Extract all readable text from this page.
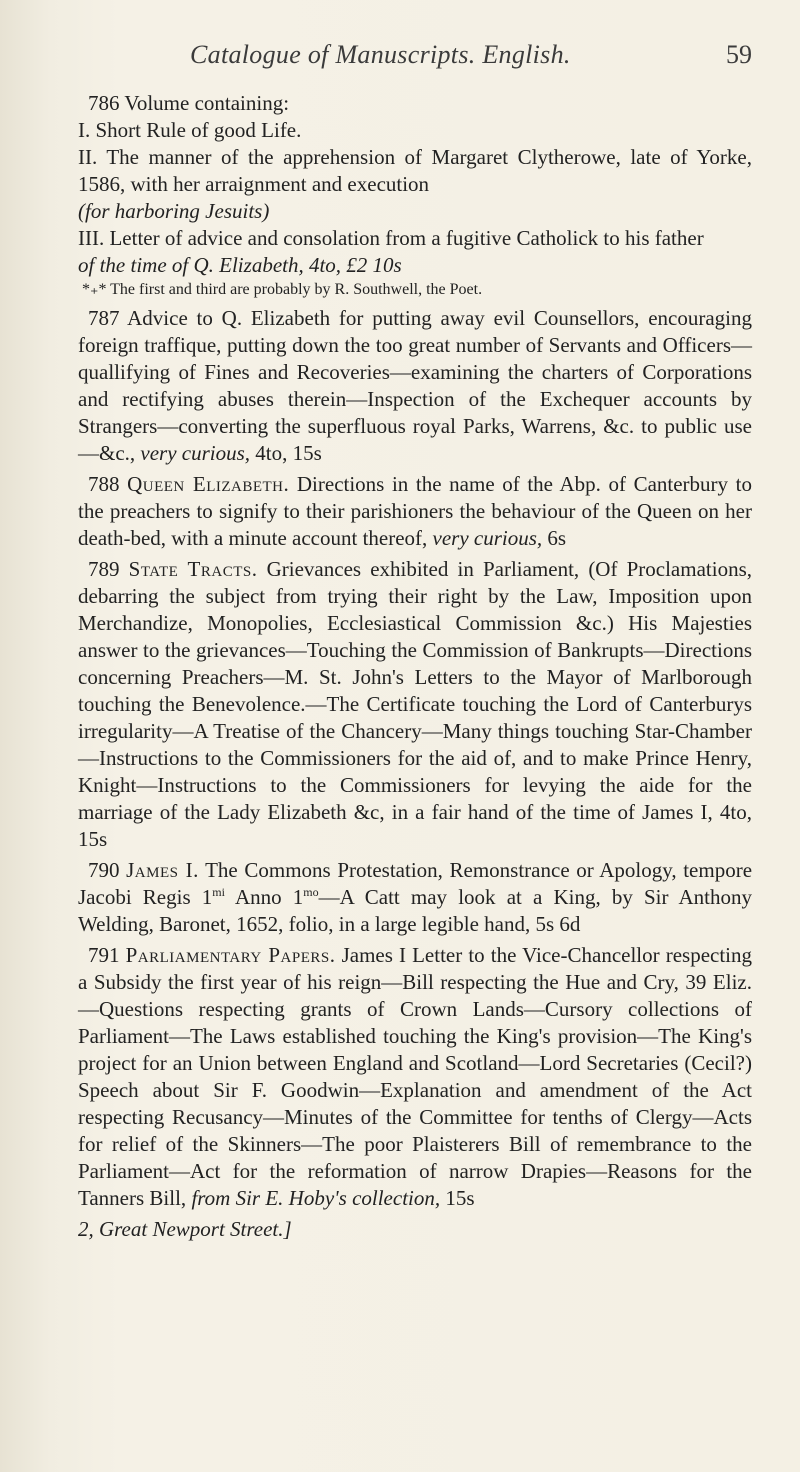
Catalogue of Manuscripts. English.	59
786 Volume containing:
I. Short Rule of good Life.
II. The manner of the apprehension of Margaret Clytherowe, late of Yorke, 1586, with her arraignment and execution
(for harboring Jesuits)
III. Letter of advice and consolation from a fugitive Catholick to his father
of the time of Q. Elizabeth, 4to, £2 10s
*₊* The first and third are probably by R. Southwell, the Poet.

787 Advice to Q. Elizabeth for putting away evil Counsellors, encouraging foreign traffique, putting down the too great number of Servants and Officers—quallifying of Fines and Recoveries—examining the charters of Corporations and rectifying abuses therein—Inspection of the Exchequer accounts by Strangers—converting the superfluous royal Parks, Warrens, &c. to public use—&c., very curious, 4to, 15s

788 Queen Elizabeth. Directions in the name of the Abp. of Canterbury to the preachers to signify to their parishioners the behaviour of the Queen on her death-bed, with a minute account thereof, very curious, 6s

789 State Tracts. Grievances exhibited in Parliament, (Of Proclamations, debarring the subject from trying their right by the Law, Imposition upon Merchandize, Monopolies, Ecclesiastical Commission &c.) His Majesties answer to the grievances—Touching the Commission of Bankrupts—Directions concerning Preachers—M. St. John's Letters to the Mayor of Marlborough touching the Benevolence.—The Certificate touching the Lord of Canterburys irregularity—A Treatise of the Chancery—Many things touching Star-Chamber—Instructions to the Commissioners for the aid of, and to make Prince Henry, Knight—Instructions to the Commissioners for levying the aide for the marriage of the Lady Elizabeth &c, in a fair hand of the time of James I, 4to, 15s

790 James I. The Commons Protestation, Remonstrance or Apology, tempore Jacobi Regis $1^{mi}$ Anno $1^{mo}—A$ Catt may look at a King, by Sir Anthony Welding, Baronet, 1652, folio, in a large legible hand, 5s 6d

791 Parliamentary Papers. James I Letter to the Vice-Chancellor respecting a Subsidy the first year of his reign—Bill respecting the Hue and Cry, 39 Eliz.—Questions respecting grants of Crown Lands—Cursory collections of Parliament—The Laws established touching the King's provision—The King's project for an Union between England and Scotland—Lord Secretaries (Cecil?) Speech about Sir F. Goodwin—Explanation and amendment of the Act respecting Recusancy—Minutes of the Committee for tenths of Clergy—Acts for relief of the Skinners—The poor Plaisterers Bill of remembrance to the Parliament—Act for the reformation of narrow Drapies—Reasons for the Tanners Bill, from Sir E. Hoby's collection, 15s

2, Great Newport Street.]
